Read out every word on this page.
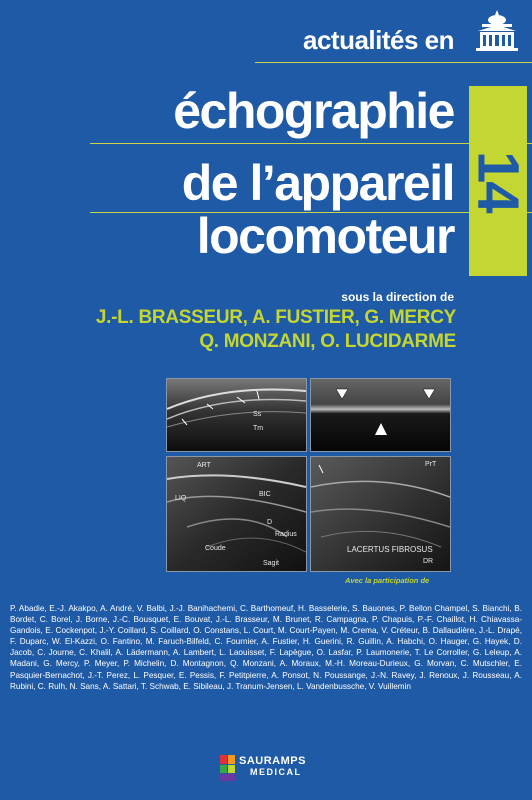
actualités en
échographie
de l’appareil
locomoteur
14
sous la direction de
J.-L. BRASSEUR, A. FUSTIER, G. MERCY
Q. MONZANI, O. LUCIDARME
Ss
Tm
ART
LIQ
BIC
D
Radius
Coude
Sagit
PrT
LACERTUS FIBROSUS
DR
Avec la participation de
P. Abadie, E.-J. Akakpo, A. André, V. Balbi, J.-J. Banihachemi, C. Barthomeuf, H. Basselerie, S. Bauones, P. Bellon Champel, S. Bianchi, B. Bordet, C. Borel, J. Borne, J.-C. Bousquet, E. Bouvat, J.-L. Brasseur, M. Brunet, R. Campagna, P. Chapuis, P.-F. Chaillot, H. Chiavassa-Gandois, E. Cockenpot, J.-Y. Coillard, S. Coillard, O. Constans, L. Court, M. Court-Payen, M. Crema, V. Créteur, B. Dallaudière, J.-L. Drapé, F. Duparc, W. El-Kazzi, O. Fantino, M. Faruch-Bilfeld, C. Fournier, A. Fustier, H. Guerini, R. Guillin, A. Habchi, O. Hauger, G. Hayek, D. Jacob, C. Journe, C. Khalil, A. Lädermann, A. Lambert, L. Laouisset, F. Lapègue, O. Lasfar, P. Laumonerie, T. Le Corroller, G. Leleup, A. Madani, G. Mercy, P. Meyer, P. Michelin, D. Montagnon, Q. Monzani, A. Moraux, M.-H. Moreau-Durieux, G. Morvan, C. Mutschler, E. Pasquier-Bernachot, J.-T. Perez, L. Pesquer, E. Pessis, F. Petitpierre, A. Ponsot, N. Poussange, J.-N. Ravey, J. Renoux, J. Rousseau, A. Rubini, C. Rulh, N. Sans, A. Sattari, T. Schwab, E. Sibileau, J. Tranum-Jensen, L. Vandenbussche, V. Vuillemin
SAURAMPS
MEDICAL
